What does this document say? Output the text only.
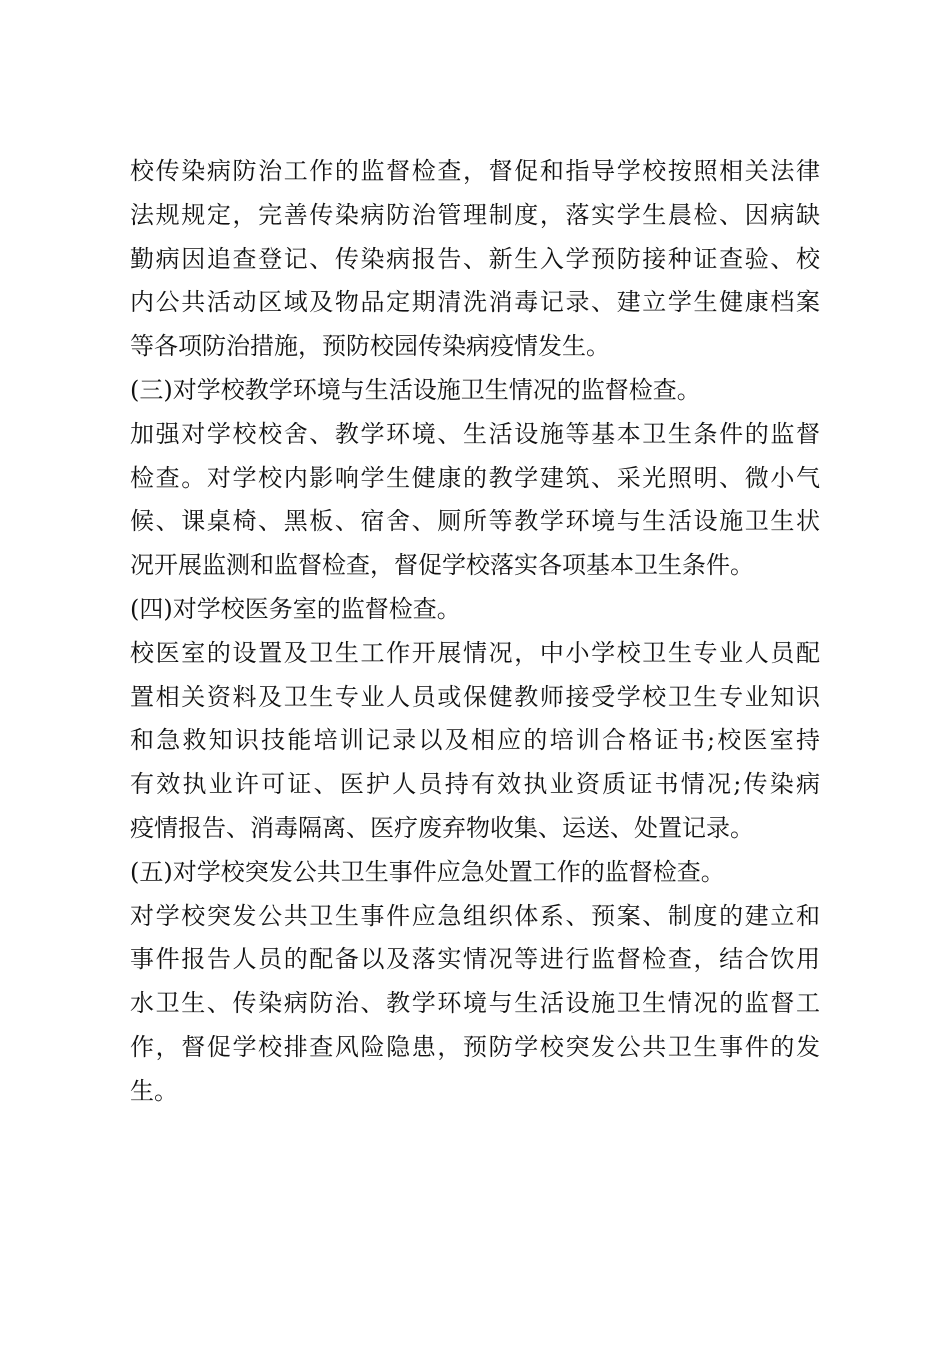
校传染病防治工作的监督检查，督促和指导学校按照相关法律
法规规定，完善传染病防治管理制度，落实学生晨检、因病缺
勤病因追查登记、传染病报告、新生入学预防接种证查验、校
内公共活动区域及物品定期清洗消毒记录、建立学生健康档案
等各项防治措施，预防校园传染病疫情发生。
(三)对学校教学环境与生活设施卫生情况的监督检查。
加强对学校校舍、教学环境、生活设施等基本卫生条件的监督
检查。对学校内影响学生健康的教学建筑、采光照明、微小气
候、课桌椅、黑板、宿舍、厕所等教学环境与生活设施卫生状
况开展监测和监督检查，督促学校落实各项基本卫生条件。
(四)对学校医务室的监督检查。
校医室的设置及卫生工作开展情况，中小学校卫生专业人员配
置相关资料及卫生专业人员或保健教师接受学校卫生专业知识
和急救知识技能培训记录以及相应的培训合格证书;校医室持
有效执业许可证、医护人员持有效执业资质证书情况;传染病
疫情报告、消毒隔离、医疗废弃物收集、运送、处置记录。
(五)对学校突发公共卫生事件应急处置工作的监督检查。
对学校突发公共卫生事件应急组织体系、预案、制度的建立和
事件报告人员的配备以及落实情况等进行监督检查，结合饮用
水卫生、传染病防治、教学环境与生活设施卫生情况的监督工
作，督促学校排查风险隐患，预防学校突发公共卫生事件的发
生。
